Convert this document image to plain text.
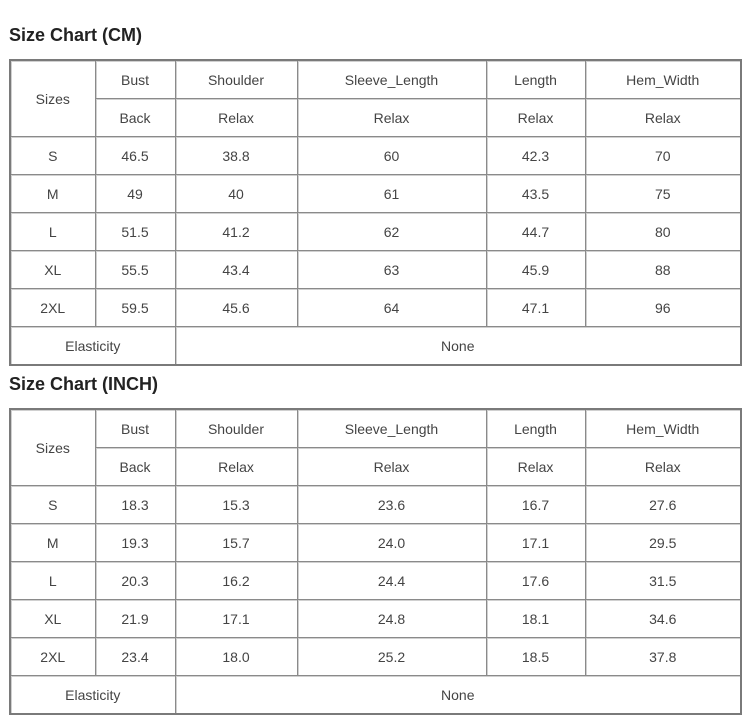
Size Chart (CM)
Sizes	Bust	Shoulder	Sleeve_Length	Length	Hem_Width
	Back	Relax	Relax	Relax	Relax
S	46.5	38.8	60	42.3	70
M	49	40	61	43.5	75
L	51.5	41.2	62	44.7	80
XL	55.5	43.4	63	45.9	88
2XL	59.5	45.6	64	47.1	96
Elasticity		None			
Size Chart (INCH)
Sizes	Bust	Shoulder	Sleeve_Length	Length	Hem_Width
	Back	Relax	Relax	Relax	Relax
S	18.3	15.3	23.6	16.7	27.6
M	19.3	15.7	24.0	17.1	29.5
L	20.3	16.2	24.4	17.6	31.5
XL	21.9	17.1	24.8	18.1	34.6
2XL	23.4	18.0	25.2	18.5	37.8
Elasticity		None			
